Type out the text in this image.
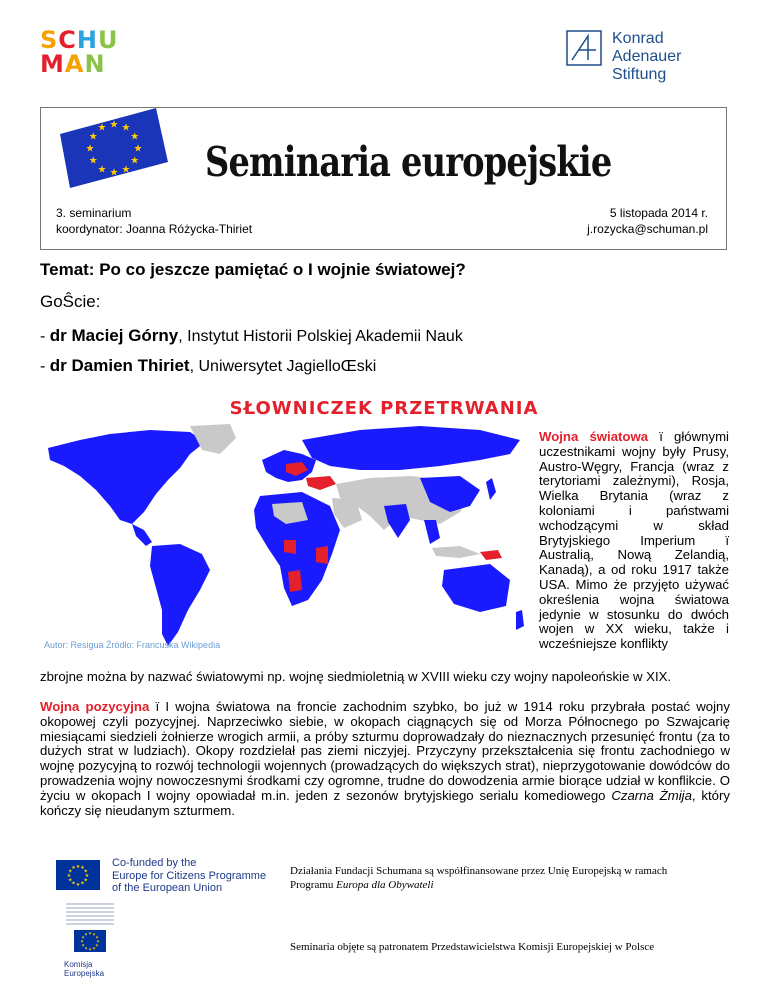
SCHU
MAN
Konrad
Adenauer
Stiftung
★
★
★
★
★
★
★
★
★ ★ ★
★
Seminaria europejskie
3. seminarium
koordynator: Joanna Różycka-Thiriet
5 listopada 2014 r.
j.rozycka@schuman.pl
Temat: Po co jeszcze pamiętać o I wojnie światowej?
GoŜcie:
- dr Maciej Górny, Instytut Historii Polskiej Akademii Nauk
- dr Damien Thiriet, Uniwersytet JagielloŒski
SŁOWNICZEK PRZETRWANIA
Autor: Resigua Źródło: Francuska Wikipedia
Wojna światowa ï głównymi uczestnikami wojny były Prusy, Austro-Węgry, Francja (wraz z terytoriami zależnymi), Rosja, Wielka Brytania (wraz z koloniami i państwami wchodzącymi w skład Brytyjskiego Imperium ï Australią, Nową Zelandią, Kanadą), a od roku 1917 także USA. Mimo że przyjęto używać określenia wojna światowa jedynie w stosunku do dwóch wojen w XX wieku, także i wcześniejsze konflikty
zbrojne można by nazwać światowymi np. wojnę siedmioletnią w XVIII wieku czy wojny napoleońskie w XIX.
Wojna pozycyjna ï I wojna światowa na froncie zachodnim szybko, bo już w 1914 roku przybrała postać wojny okopowej czyli pozycyjnej. Naprzeciwko siebie, w okopach ciągnących się od Morza Północnego po Szwajcarię miesiącami siedzieli żołnierze wrogich armii, a próby szturmu doprowadzały do nieznacznych przesunięć frontu (za to dużych strat w ludziach). Okopy rozdzielał pas ziemi niczyjej. Przyczyny przekształcenia się frontu zachodniego w wojnę pozycyjną to rozwój technologii wojennych (prowadzących do większych strat), nieprzygotowanie dowódców do prowadzenia wojny nowoczesnymi środkami czy ogromne, trudne do dowodzenia armie biorące udział w konflikcie. O życiu w okopach I wojny opowiadał m.in. jeden z sezonów brytyjskiego serialu komediowego Czarna Żmija, który kończy się nieudanym szturmem.
★
★
★
★
★
★
★
★
★ ★ ★
★
Co-funded by the
Europe for Citizens Programme
of the European Union
Działania Fundacji Schumana są współfinansowane przez Unię Europejską w ramach Programu Europa dla Obywateli
★
★
★
★
★
★
★
★
★ ★ ★
★
Komisja
Europejska
Seminaria objęte są patronatem Przedstawicielstwa Komisji Europejskiej w Polsce
